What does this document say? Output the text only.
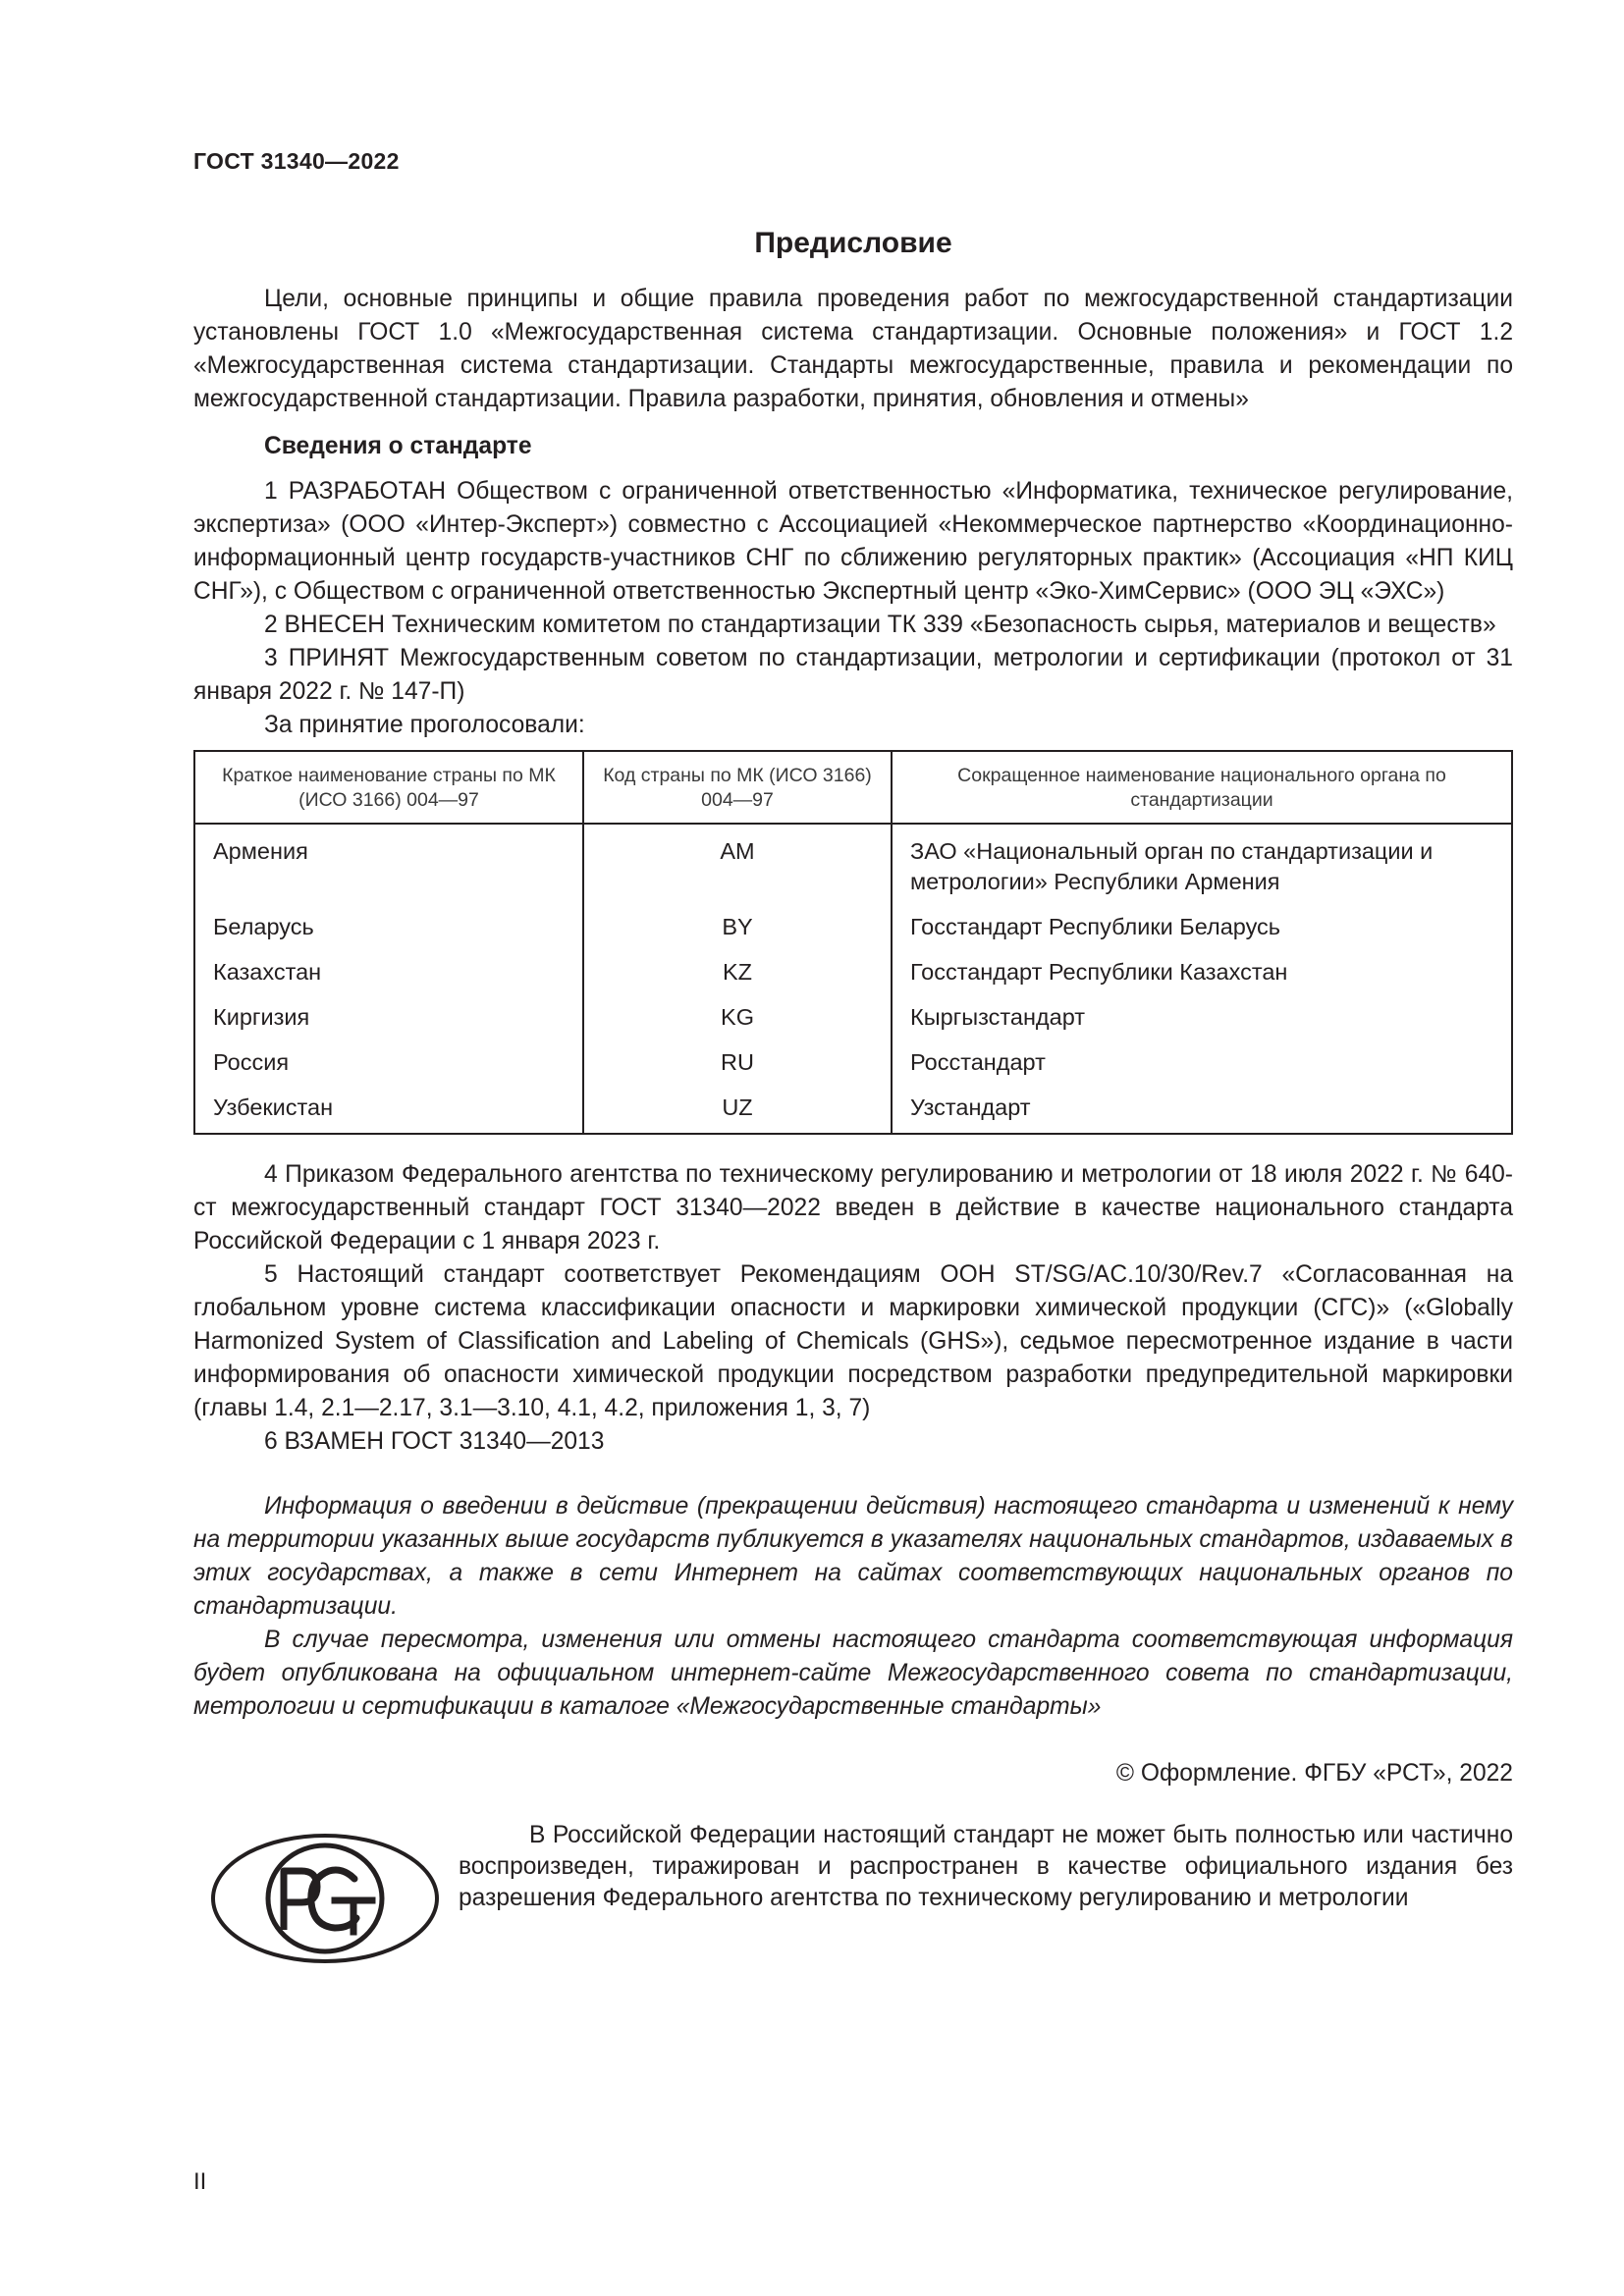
ГОСТ 31340—2022
Предисловие

Цели, основные принципы и общие правила проведения работ по межгосударственной стандартизации установлены ГОСТ 1.0 «Межгосударственная система стандартизации. Основные положения» и ГОСТ 1.2 «Межгосударственная система стандартизации. Стандарты межгосударственные, правила и рекомендации по межгосударственной стандартизации. Правила разработки, принятия, обновления и отмены»

Сведения о стандарте

1 РАЗРАБОТАН Обществом с ограниченной ответственностью «Информатика, техническое регулирование, экспертиза» (ООО «Интер-Эксперт») совместно с Ассоциацией «Некоммерческое партнерство «Координационно-информационный центр государств-участников СНГ по сближению регуляторных практик» (Ассоциация «НП КИЦ СНГ»), с Обществом с ограниченной ответственностью Экспертный центр «Эко-ХимСервис» (ООО ЭЦ «ЭХС»)

2 ВНЕСЕН Техническим комитетом по стандартизации ТК 339 «Безопасность сырья, материалов и веществ»

3 ПРИНЯТ Межгосударственным советом по стандартизации, метрологии и сертификации (протокол от 31 января 2022 г. № 147-П)

За принятие проголосовали:

Краткое наименование страны по МК (ИСО 3166) 004—97	Код страны по МК (ИСО 3166) 004—97	Сокращенное наименование национального органа по стандартизации
Армения	AM	ЗАО «Национальный орган по стандартизации и метрологии» Республики Армения
Беларусь	BY	Госстандарт Республики Беларусь
Казахстан	KZ	Госстандарт Республики Казахстан
Киргизия	KG	Кыргызстандарт
Россия	RU	Росстандарт
Узбекистан	UZ	Узстандарт

4 Приказом Федерального агентства по техническому регулированию и метрологии от 18 июля 2022 г. № 640-ст межгосударственный стандарт ГОСТ 31340—2022 введен в действие в качестве национального стандарта Российской Федерации с 1 января 2023 г.

5 Настоящий стандарт соответствует Рекомендациям ООН ST/SG/AC.10/30/Rev.7 «Согласованная на глобальном уровне система классификации опасности и маркировки химической продукции (СГС)» («Globally Harmonized System of Classification and Labeling of Chemicals (GHS»), седьмое пересмотренное издание в части информирования об опасности химической продукции посредством разработки предупредительной маркировки (главы 1.4, 2.1—2.17, 3.1—3.10, 4.1, 4.2, приложения 1, 3, 7)

6 ВЗАМЕН ГОСТ 31340—2013

Информация о введении в действие (прекращении действия) настоящего стандарта и изменений к нему на территории указанных выше государств публикуется в указателях национальных стандартов, издаваемых в этих государствах, а также в сети Интернет на сайтах соответствующих национальных органов по стандартизации.

В случае пересмотра, изменения или отмены настоящего стандарта соответствующая информация будет опубликована на официальном интернет-сайте Межгосударственного совета по стандартизации, метрологии и сертификации в каталоге «Межгосударственные стандарты»

© Оформление. ФГБУ «РСТ», 2022
В Российской Федерации настоящий стандарт не может быть полностью или частично воспроизведен, тиражирован и распространен в качестве официального издания без разрешения Федерального агентства по техническому регулированию и метрологии
II
